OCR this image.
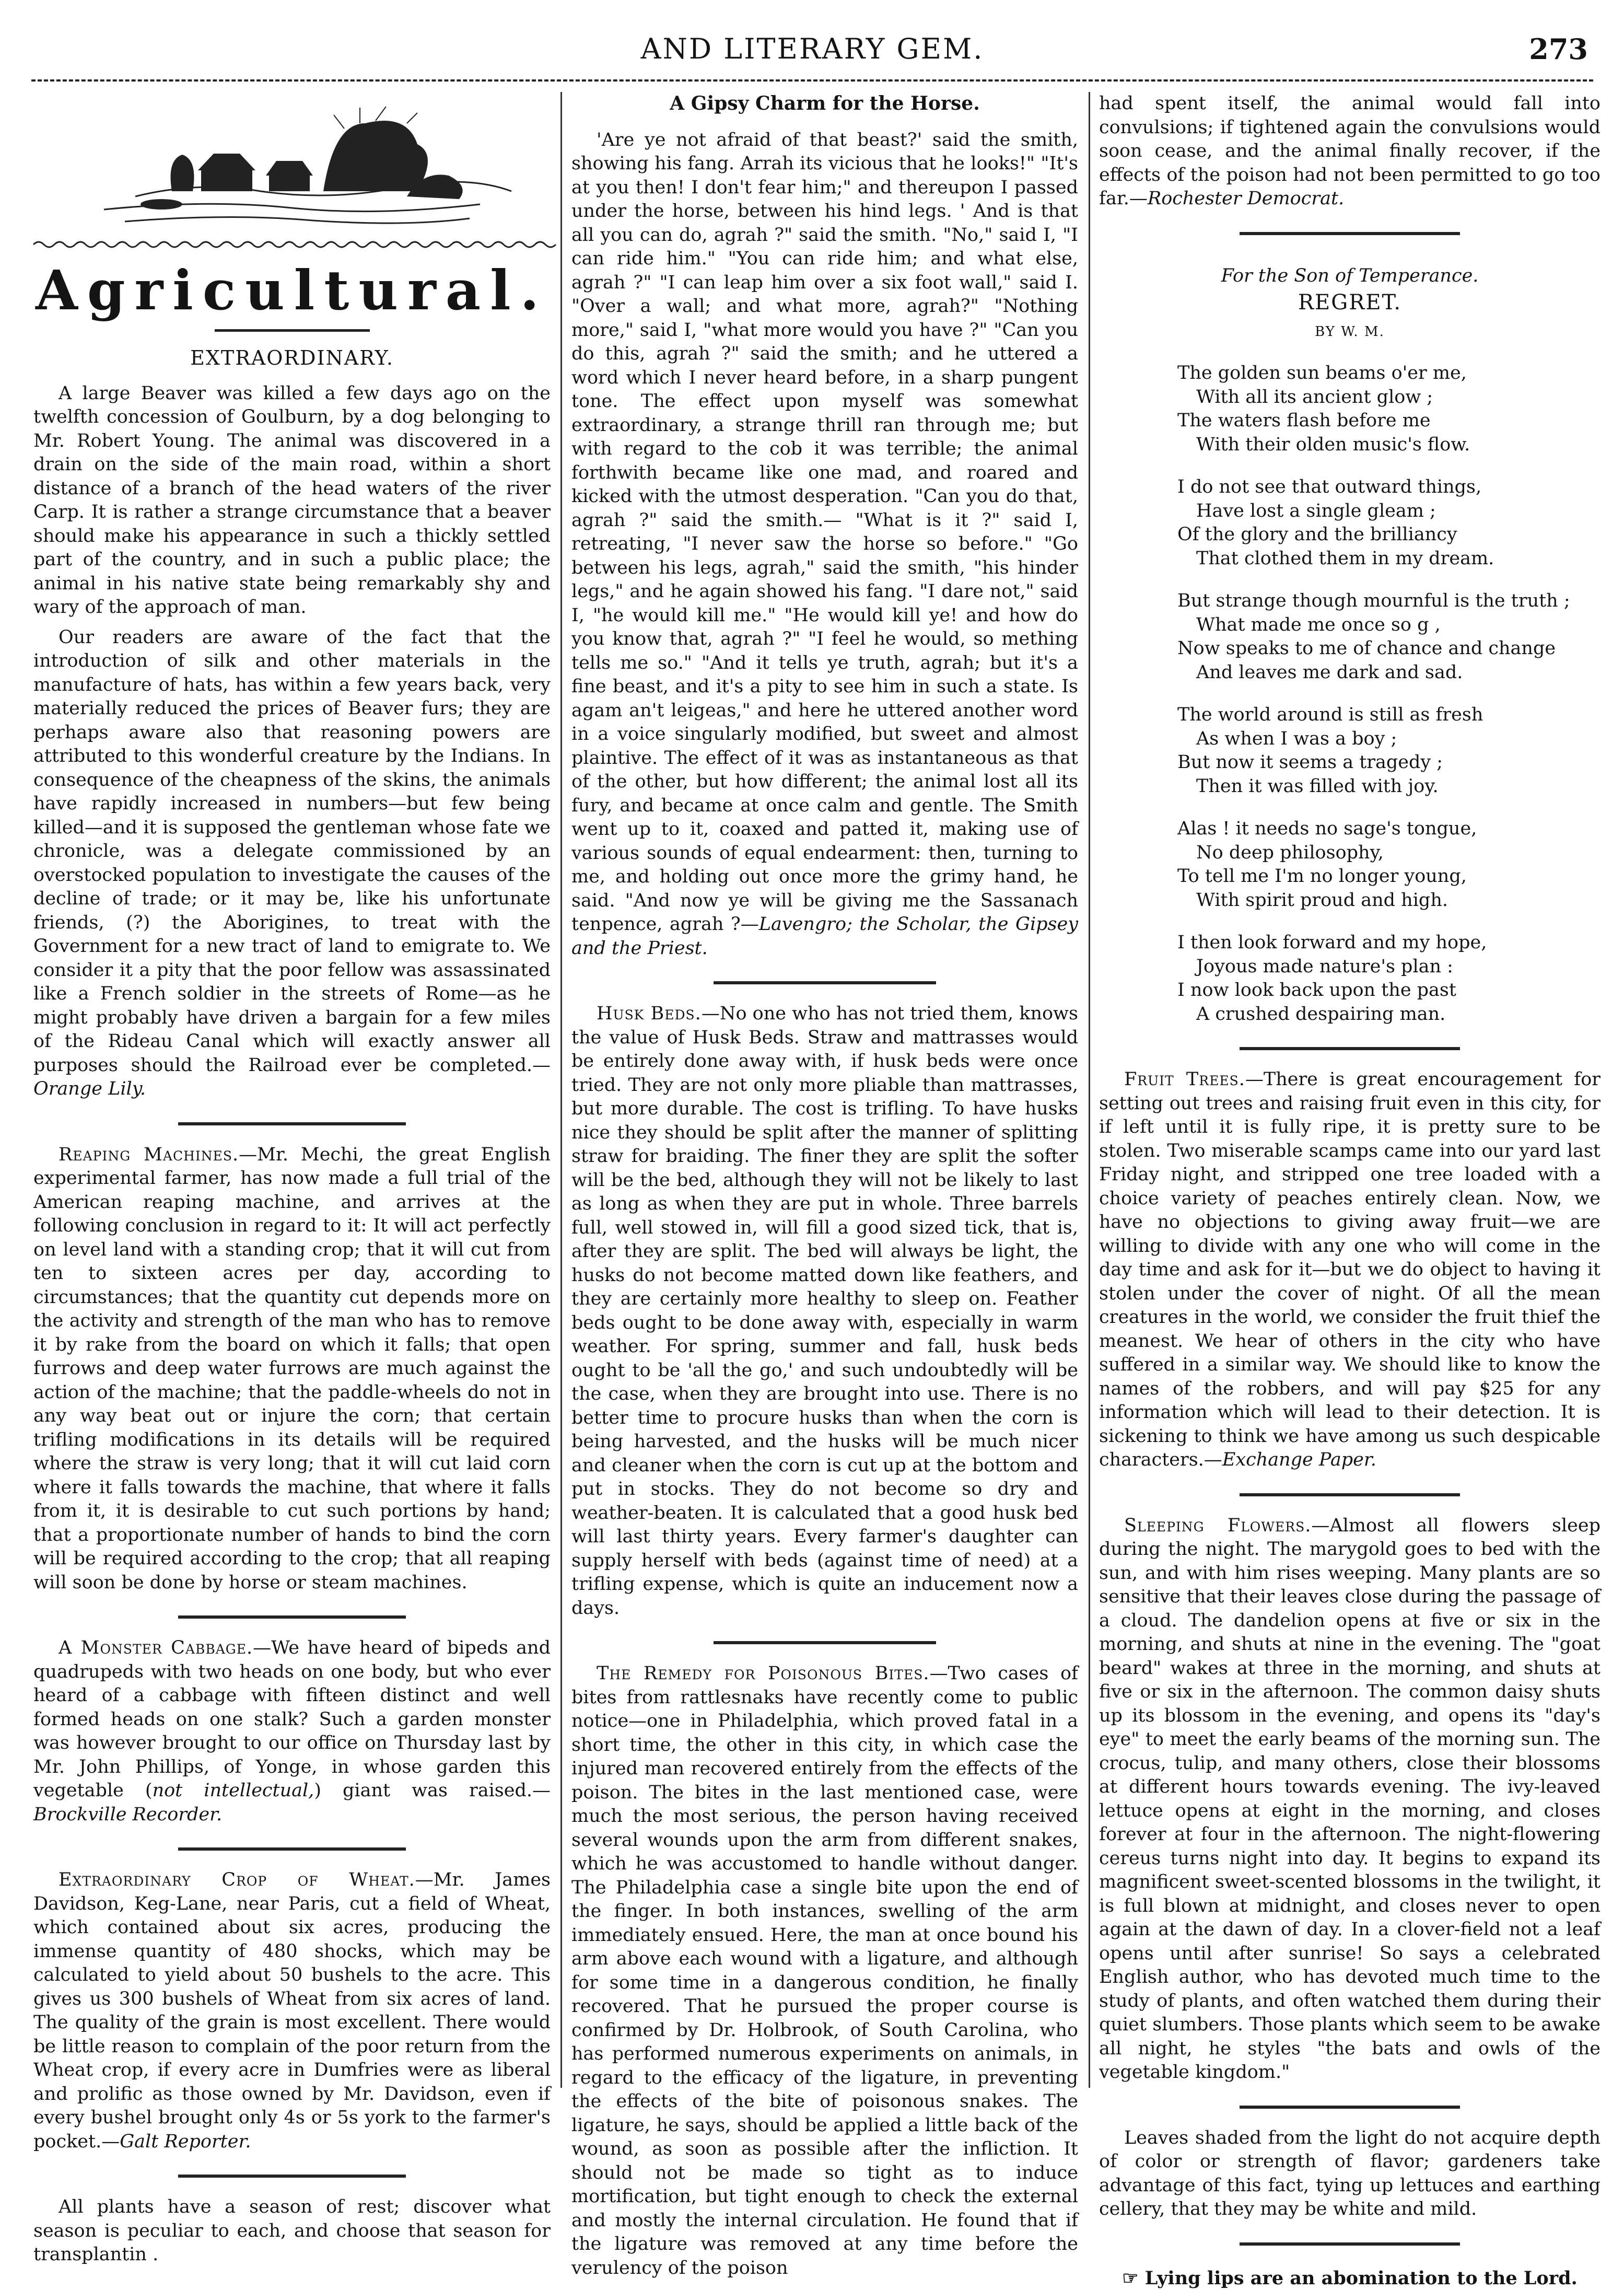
AND LITERARY GEM.	273
Agricultural.
EXTRAORDINARY.

A large Beaver was killed a few days ago on the twelfth concession of Goulburn, by a dog belonging to Mr. Robert Young. The animal was discovered in a drain on the side of the main road, within a short distance of a branch of the head waters of the river Carp. It is rather a strange circumstance that a beaver should make his appearance in such a thickly settled part of the country, and in such a public place; the animal in his native state being remarkably shy and wary of the approach of man.

Our readers are aware of the fact that the introduction of silk and other materials in the manufacture of hats, has within a few years back, very materially reduced the prices of Beaver furs; they are perhaps aware also that reasoning powers are attributed to this wonderful creature by the Indians. In consequence of the cheapness of the skins, the animals have rapidly increased in numbers—but few being killed—and it is supposed the gentleman whose fate we chronicle, was a delegate commissioned by an overstocked population to investigate the causes of the decline of trade; or it may be, like his unfortunate friends, (?) the Aborigines, to treat with the Government for a new tract of land to emigrate to. We consider it a pity that the poor fellow was assassinated like a French soldier in the streets of Rome—as he might probably have driven a bargain for a few miles of the Rideau Canal which will exactly answer all purposes should the Railroad ever be completed.—Orange Lily.

Reaping Machines.—Mr. Mechi, the great English experimental farmer, has now made a full trial of the American reaping machine, and arrives at the following conclusion in regard to it: It will act perfectly on level land with a standing crop; that it will cut from ten to sixteen acres per day, according to circumstances; that the quantity cut depends more on the activity and strength of the man who has to remove it by rake from the board on which it falls; that open furrows and deep water furrows are much against the action of the machine; that the paddle-wheels do not in any way beat out or injure the corn; that certain trifling modifications in its details will be required where the straw is very long; that it will cut laid corn where it falls towards the machine, that where it falls from it, it is desirable to cut such portions by hand; that a proportionate number of hands to bind the corn will be required according to the crop; that all reaping will soon be done by horse or steam machines.

A Monster Cabbage.—We have heard of bipeds and quadrupeds with two heads on one body, but who ever heard of a cabbage with fifteen distinct and well formed heads on one stalk? Such a garden monster was however brought to our office on Thursday last by Mr. John Phillips, of Yonge, in whose garden this vegetable (not intellectual,) giant was raised.—Brockville Recorder.

Extraordinary Crop of Wheat.—Mr. James Davidson, Keg-Lane, near Paris, cut a field of Wheat, which contained about six acres, producing the immense quantity of 480 shocks, which may be calculated to yield about 50 bushels to the acre. This gives us 300 bushels of Wheat from six acres of land. The quality of the grain is most excellent. There would be little reason to complain of the poor return from the Wheat crop, if every acre in Dumfries were as liberal and prolific as those owned by Mr. Davidson, even if every bushel brought only 4s or 5s york to the farmer's pocket.—Galt Reporter.

All plants have a season of rest; discover what season is peculiar to each, and choose that season for transplantin .

A Gipsy Charm for the Horse.

'Are ye not afraid of that beast?' said the smith, showing his fang. Arrah its vicious that he looks!" "It's at you then! I don't fear him;" and thereupon I passed under the horse, between his hind legs. ' And is that all you can do, agrah ?" said the smith. "No," said I, "I can ride him." "You can ride him; and what else, agrah ?" "I can leap him over a six foot wall," said I. "Over a wall; and what more, agrah?" "Nothing more," said I, "what more would you have ?" "Can you do this, agrah ?" said the smith; and he uttered a word which I never heard before, in a sharp pungent tone. The effect upon myself was somewhat extraordinary, a strange thrill ran through me; but with regard to the cob it was terrible; the animal forthwith became like one mad, and roared and kicked with the utmost desperation. "Can you do that, agrah ?" said the smith.— "What is it ?" said I, retreating, "I never saw the horse so before." "Go between his legs, agrah," said the smith, "his hinder legs," and he again showed his fang. "I dare not," said I, "he would kill me." "He would kill ye! and how do you know that, agrah ?" "I feel he would, so mething tells me so." "And it tells ye truth, agrah; but it's a fine beast, and it's a pity to see him in such a state. Is agam an't leigeas," and here he uttered another word in a voice singularly modified, but sweet and almost plaintive. The effect of it was as instantaneous as that of the other, but how different; the animal lost all its fury, and became at once calm and gentle. The Smith went up to it, coaxed and patted it, making use of various sounds of equal endearment: then, turning to me, and holding out once more the grimy hand, he said. "And now ye will be giving me the Sassanach tenpence, agrah ?—Lavengro; the Scholar, the Gipsey and the Priest.

Husk Beds.—No one who has not tried them, knows the value of Husk Beds. Straw and mattrasses would be entirely done away with, if husk beds were once tried. They are not only more pliable than mattrasses, but more durable. The cost is trifling. To have husks nice they should be split after the manner of splitting straw for braiding. The finer they are split the softer will be the bed, although they will not be likely to last as long as when they are put in whole. Three barrels full, well stowed in, will fill a good sized tick, that is, after they are split. The bed will always be light, the husks do not become matted down like feathers, and they are certainly more healthy to sleep on. Feather beds ought to be done away with, especially in warm weather. For spring, summer and fall, husk beds ought to be 'all the go,' and such undoubtedly will be the case, when they are brought into use. There is no better time to procure husks than when the corn is being harvested, and the husks will be much nicer and cleaner when the corn is cut up at the bottom and put in stocks. They do not become so dry and weather-beaten. It is calculated that a good husk bed will last thirty years. Every farmer's daughter can supply herself with beds (against time of need) at a trifling expense, which is quite an inducement now a days.

The Remedy for Poisonous Bites.—Two cases of bites from rattlesnaks have recently come to public notice—one in Philadelphia, which proved fatal in a short time, the other in this city, in which case the injured man recovered entirely from the effects of the poison. The bites in the last mentioned case, were much the most serious, the person having received several wounds upon the arm from different snakes, which he was accustomed to handle without danger. The Philadelphia case a single bite upon the end of the finger. In both instances, swelling of the arm immediately ensued. Here, the man at once bound his arm above each wound with a ligature, and although for some time in a dangerous condition, he finally recovered. That he pursued the proper course is confirmed by Dr. Holbrook, of South Carolina, who has performed numerous experiments on animals, in regard to the efficacy of the ligature, in preventing the effects of the bite of poisonous snakes. The ligature, he says, should be applied a little back of the wound, as soon as possible after the infliction. It should not be made so tight as to induce mortification, but tight enough to check the external and mostly the internal circulation. He found that if the ligature was removed at any time before the verulency of the poison

had spent itself, the animal would fall into convulsions; if tightened again the convulsions would soon cease, and the animal finally recover, if the effects of the poison had not been permitted to go too far.—Rochester Democrat.

For the Son of Temperance.
REGRET.
BY W. M.
The golden sun beams o'er me,
With all its ancient glow ;
The waters flash before me
With their olden music's flow.
I do not see that outward things,
Have lost a single gleam ;
Of the glory and the brilliancy
That clothed them in my dream.
But strange though mournful is the truth ;
What made me once so g ,
Now speaks to me of chance and change
And leaves me dark and sad.
The world around is still as fresh
As when I was a boy ;
But now it seems a tragedy ;
Then it was filled with joy.
Alas ! it needs no sage's tongue,
No deep philosophy,
To tell me I'm no longer young,
With spirit proud and high.
I then look forward and my hope,
Joyous made nature's plan :
I now look back upon the past
A crushed despairing man.

Fruit Trees.—There is great encouragement for setting out trees and raising fruit even in this city, for if left until it is fully ripe, it is pretty sure to be stolen. Two miserable scamps came into our yard last Friday night, and stripped one tree loaded with a choice variety of peaches entirely clean. Now, we have no objections to giving away fruit—we are willing to divide with any one who will come in the day time and ask for it—but we do object to having it stolen under the cover of night. Of all the mean creatures in the world, we consider the fruit thief the meanest. We hear of others in the city who have suffered in a similar way. We should like to know the names of the robbers, and will pay $25 for any information which will lead to their detection. It is sickening to think we have among us such despicable characters.—Exchange Paper.

Sleeping Flowers.—Almost all flowers sleep during the night. The marygold goes to bed with the sun, and with him rises weeping. Many plants are so sensitive that their leaves close during the passage of a cloud. The dandelion opens at five or six in the morning, and shuts at nine in the evening. The "goat beard" wakes at three in the morning, and shuts at five or six in the afternoon. The common daisy shuts up its blossom in the evening, and opens its "day's eye" to meet the early beams of the morning sun. The crocus, tulip, and many others, close their blossoms at different hours towards evening. The ivy-leaved lettuce opens at eight in the morning, and closes forever at four in the afternoon. The night-flowering cereus turns night into day. It begins to expand its magnificent sweet-scented blossoms in the twilight, it is full blown at midnight, and closes never to open again at the dawn of day. In a clover-field not a leaf opens until after sunrise! So says a celebrated English author, who has devoted much time to the study of plants, and often watched them during their quiet slumbers. Those plants which seem to be awake all night, he styles "the bats and owls of the vegetable kingdom."

Leaves shaded from the light do not acquire depth of color or strength of flavor; gardeners take advantage of this fact, tying up lettuces and earthing cellery, that they may be white and mild.

☞ Lying lips are an abomination to the Lord.
